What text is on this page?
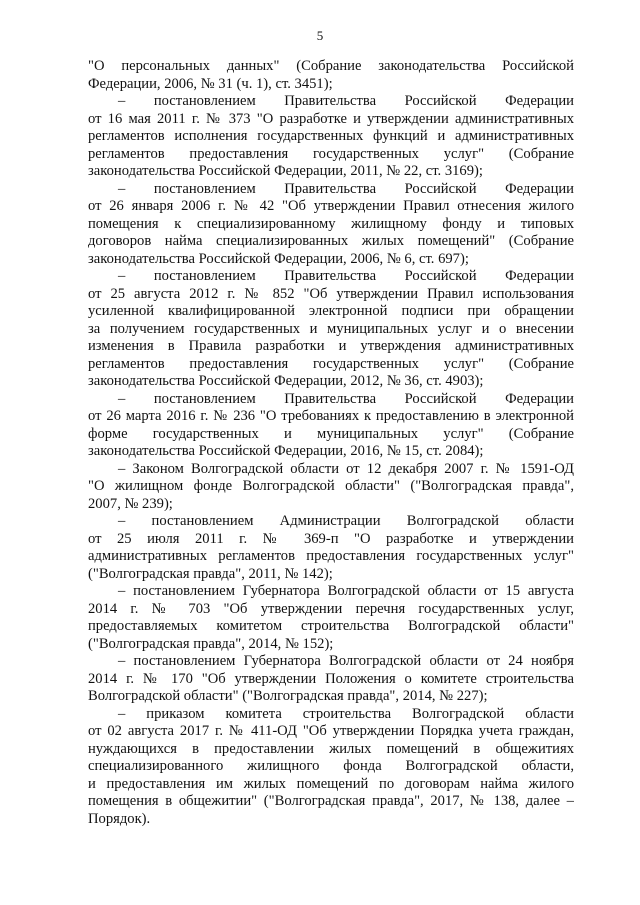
5
"О персональных данных" (Собрание законодательства Российской
Федерации, 2006, № 31 (ч. 1), ст. 3451);
– постановлением Правительства Российской Федерации
от 16 мая 2011 г. № 373 "О разработке и утверждении административных
регламентов исполнения государственных функций и административных
регламентов предоставления государственных услуг" (Собрание
законодательства Российской Федерации, 2011, № 22, ст. 3169);
– постановлением Правительства Российской Федерации
от 26 января 2006 г. № 42 "Об утверждении Правил отнесения жилого
помещения к специализированному жилищному фонду и типовых
договоров найма специализированных жилых помещений" (Собрание
законодательства Российской Федерации, 2006, № 6, ст. 697);
– постановлением Правительства Российской Федерации
от 25 августа 2012 г. № 852 "Об утверждении Правил использования
усиленной квалифицированной электронной подписи при обращении
за получением государственных и муниципальных услуг и о внесении
изменения в Правила разработки и утверждения административных
регламентов предоставления государственных услуг" (Собрание
законодательства Российской Федерации, 2012, № 36, ст. 4903);
– постановлением Правительства Российской Федерации
от 26 марта 2016 г. № 236 "О требованиях к предоставлению в электронной
форме государственных и муниципальных услуг" (Собрание
законодательства Российской Федерации, 2016, № 15, ст. 2084);
– Законом Волгоградской области от 12 декабря 2007 г. № 1591-ОД
"О жилищном фонде Волгоградской области" ("Волгоградская правда",
2007, № 239);
– постановлением Администрации Волгоградской области
от 25 июля 2011 г. № 369-п "О разработке и утверждении
административных регламентов предоставления государственных услуг"
("Волгоградская правда", 2011, № 142);
– постановлением Губернатора Волгоградской области от 15 августа
2014 г. № 703 "Об утверждении перечня государственных услуг,
предоставляемых комитетом строительства Волгоградской области"
("Волгоградская правда", 2014, № 152);
– постановлением Губернатора Волгоградской области от 24 ноября
2014 г. № 170 "Об утверждении Положения о комитете строительства
Волгоградской области" ("Волгоградская правда", 2014, № 227);
– приказом комитета строительства Волгоградской области
от 02 августа 2017 г. № 411-ОД "Об утверждении Порядка учета граждан,
нуждающихся в предоставлении жилых помещений в общежитиях
специализированного жилищного фонда Волгоградской области,
и предоставления им жилых помещений по договорам найма жилого
помещения в общежитии" ("Волгоградская правда", 2017, № 138, далее –
Порядок).
